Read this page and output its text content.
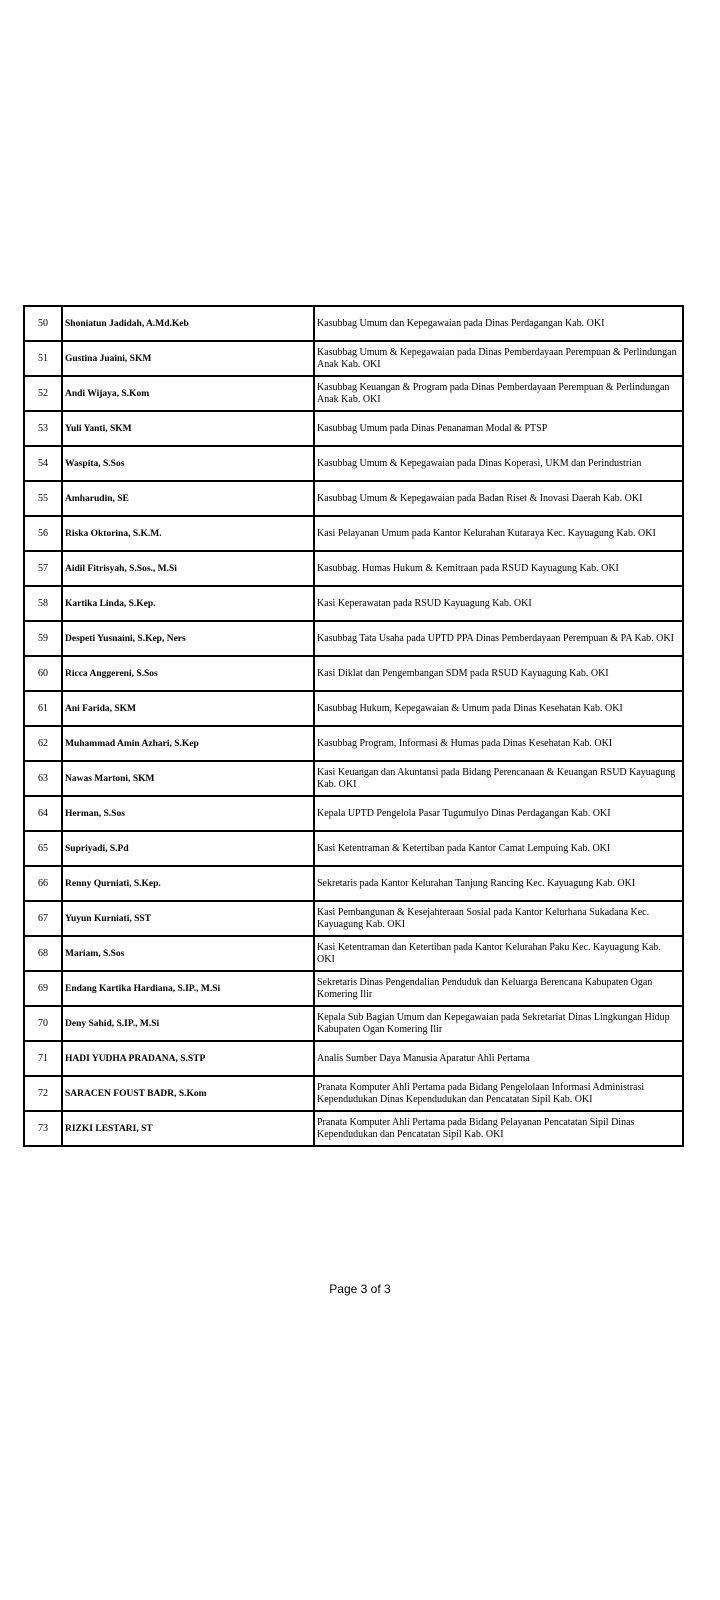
50	Shoniatun Jadidah, A.Md.Keb	Kasubbag Umum dan Kepegawaian pada Dinas Perdagangan Kab. OKI
51	Gustina Juaini, SKM	Kasubbag Umum & Kepegawaian pada Dinas Pemberdayaan Perempuan & Perlindungan Anak Kab. OKI
52	Andi Wijaya, S.Kom	Kasubbag Keuangan & Program pada Dinas Pemberdayaan Perempuan & Perlindungan Anak Kab. OKI
53	Yuli Yanti, SKM	Kasubbag Umum pada Dinas Penanaman Modal & PTSP
54	Waspita, S.Sos	Kasubbag Umum & Kepegawaian pada Dinas Koperasi, UKM dan Perindustrian
55	Amharudin, SE	Kasubbag Umum & Kepegawaian pada Badan Riset & Inovasi Daerah Kab. OKI
56	Riska Oktorina, S.K.M.	Kasi Pelayanan Umum pada Kantor Kelurahan Kutaraya Kec. Kayuagung Kab. OKI
57	Aidil Fitrisyah, S.Sos., M.Si	Kasubbag. Humas Hukum & Kemitraan pada RSUD Kayuagung Kab. OKI
58	Kartika Linda, S.Kep.	Kasi Keperawatan pada RSUD Kayuagung Kab. OKI
59	Despeti Yusnaini, S.Kep, Ners	Kasubbag Tata Usaha pada UPTD PPA Dinas Pemberdayaan Perempuan & PA Kab. OKI
60	Ricca Anggereni, S.Sos	Kasi Diklat dan Pengembangan SDM pada RSUD Kayuagung Kab. OKI
61	Ani Farida, SKM	Kasubbag Hukum, Kepegawaian & Umum pada Dinas Kesehatan Kab. OKI
62	Muhammad Amin Azhari, S.Kep	Kasubbag Program, Informasi & Humas pada Dinas Kesehatan Kab. OKI
63	Nawas Martoni, SKM	Kasi Keuangan dan Akuntansi pada Bidang Perencanaan & Keuangan RSUD Kayuagung Kab. OKI
64	Herman, S.Sos	Kepala UPTD Pengelola Pasar Tugumulyo Dinas Perdagangan Kab. OKI
65	Supriyadi, S.Pd	Kasi Ketentraman & Ketertiban pada Kantor Camat Lempuing Kab. OKI
66	Renny Qurniati, S.Kep.	Sekretaris pada Kantor Kelurahan Tanjung Rancing Kec. Kayuagung Kab. OKI
67	Yuyun Kurniati, SST	Kasi Pembangunan & Kesejahteraan Sosial pada Kantor Kelurhana Sukadana Kec. Kayuagung Kab. OKI
68	Mariam, S.Sos	Kasi Ketentraman dan Ketertiban pada Kantor Kelurahan Paku Kec. Kayuagung Kab. OKI
69	Endang Kartika Hardiana, S.IP., M.Si	Sekretaris Dinas Pengendalian Penduduk dan Keluarga Berencana Kabupaten Ogan Komering Ilir
70	Deny Sahid, S.IP., M.Si	Kepala Sub Bagian Umum dan Kepegawaian pada Sekretariat Dinas Lingkungan Hidup Kabupaten Ogan Komering Ilir
71	HADI YUDHA PRADANA, S.STP	Analis Sumber Daya Manusia Aparatur Ahli Pertama
72	SARACEN FOUST BADR, S.Kom	Pranata Komputer Ahli Pertama pada Bidang Pengelolaan Informasi Administrasi Kependudukan Dinas Kependudukan dan Pencatatan Sipil Kab. OKI
73	RIZKI LESTARI, ST	Pranata Komputer Ahli Pertama pada Bidang Pelayanan Pencatatan Sipil Dinas Kependudukan dan Pencatatan Sipil Kab. OKI
Page 3 of 3
